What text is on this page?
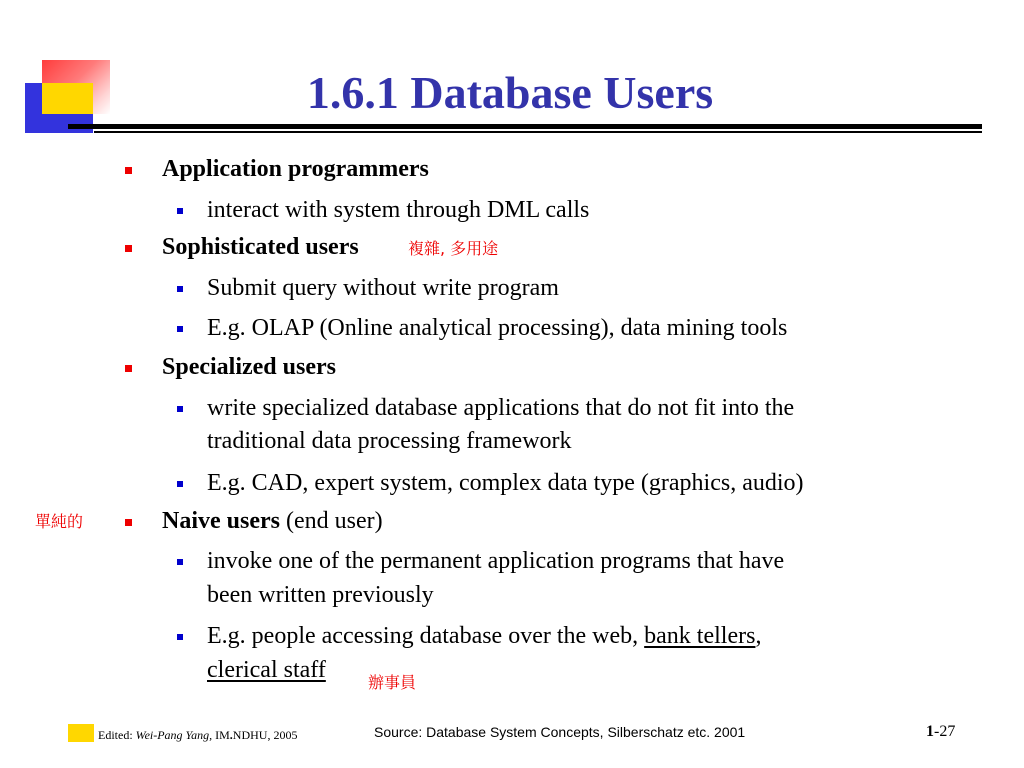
1.6.1 Database Users
Application programmers
interact with system through DML calls
Sophisticated users	複雜, 多用途
Submit query without write program
E.g. OLAP (Online analytical processing), data mining tools
Specialized users
write specialized database applications that do not fit into the
traditional data processing framework
E.g. CAD, expert system, complex data type (graphics, audio)
單純的	Naive users (end user)
invoke one of the permanent application programs that have
been written previously
E.g. people accessing database over the web, bank tellers,
clerical staff	辦事員
Edited: Wei-Pang Yang, IM.NDHU, 2005	Source: Database System Concepts, Silberschatz etc. 2001	1-27
